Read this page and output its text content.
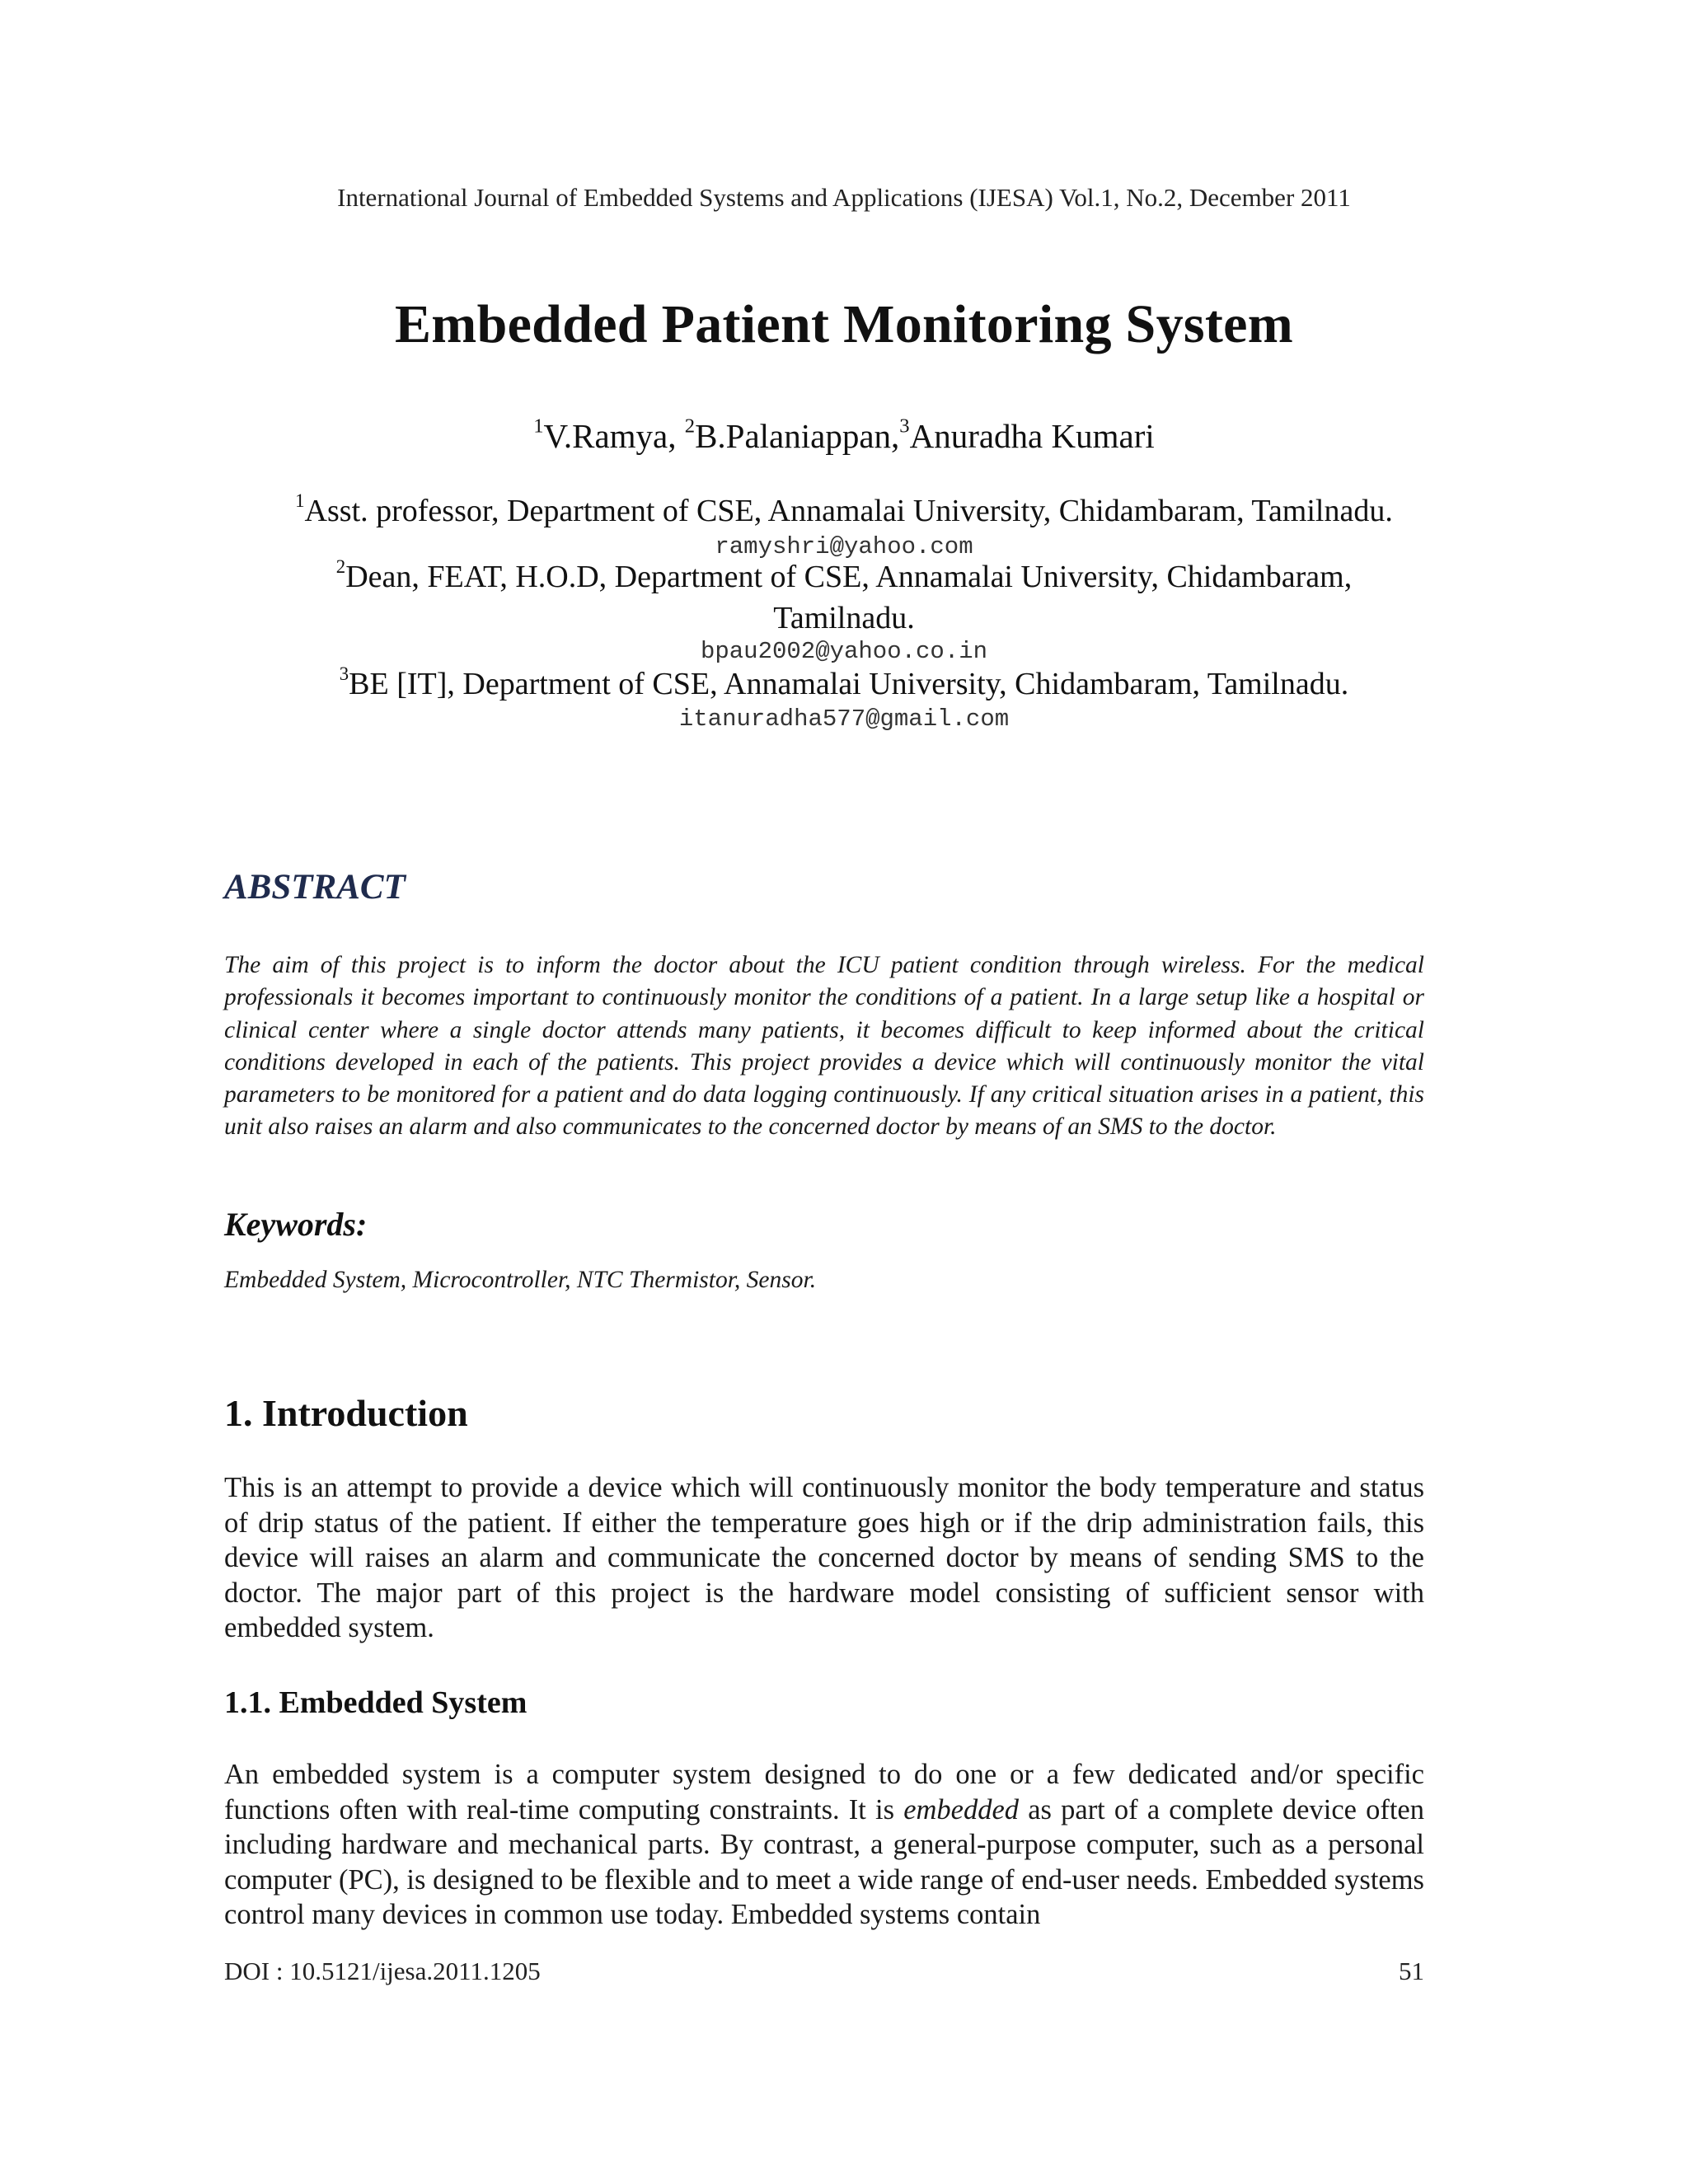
International Journal of Embedded Systems and Applications (IJESA) Vol.1, No.2, December 2011
Embedded Patient Monitoring System
$^1$V.Ramya, $^2$B.Palaniappan,$^3$Anuradha Kumari
$^1$Asst. professor, Department of CSE, Annamalai University, Chidambaram, Tamilnadu.
ramyshri@yahoo.com
$^2$Dean, FEAT, H.O.D, Department of CSE, Annamalai University, Chidambaram,
Tamilnadu.
bpau2002@yahoo.co.in
$^3$BE [IT], Department of CSE, Annamalai University, Chidambaram, Tamilnadu.
itanuradha577@gmail.com
ABSTRACT
The aim of this project is to inform the doctor about the ICU patient condition through wireless. For the medical professionals it becomes important to continuously monitor the conditions of a patient. In a large setup like a hospital or clinical center where a single doctor attends many patients, it becomes difficult to keep informed about the critical conditions developed in each of the patients. This project provides a device which will continuously monitor the vital parameters to be monitored for a patient and do data logging continuously. If any critical situation arises in a patient, this unit also raises an alarm and also communicates to the concerned doctor by means of an SMS to the doctor.
Keywords:
Embedded System, Microcontroller, NTC Thermistor, Sensor.
1. Introduction
This is an attempt to provide a device which will continuously monitor the body temperature and status of drip status of the patient. If either the temperature goes high or if the drip administration fails, this device will raises an alarm and communicate the concerned doctor by means of sending SMS to the doctor. The major part of this project is the hardware model consisting of sufficient sensor with embedded system.
1.1. Embedded System
An embedded system is a computer system designed to do one or a few dedicated and/or specific functions often with real-time computing constraints. It is embedded as part of a complete device often including hardware and mechanical parts. By contrast, a general-purpose computer, such as a personal computer (PC), is designed to be flexible and to meet a wide range of end-user needs. Embedded systems control many devices in common use today. Embedded systems contain
DOI : 10.5121/ijesa.2011.1205	51
